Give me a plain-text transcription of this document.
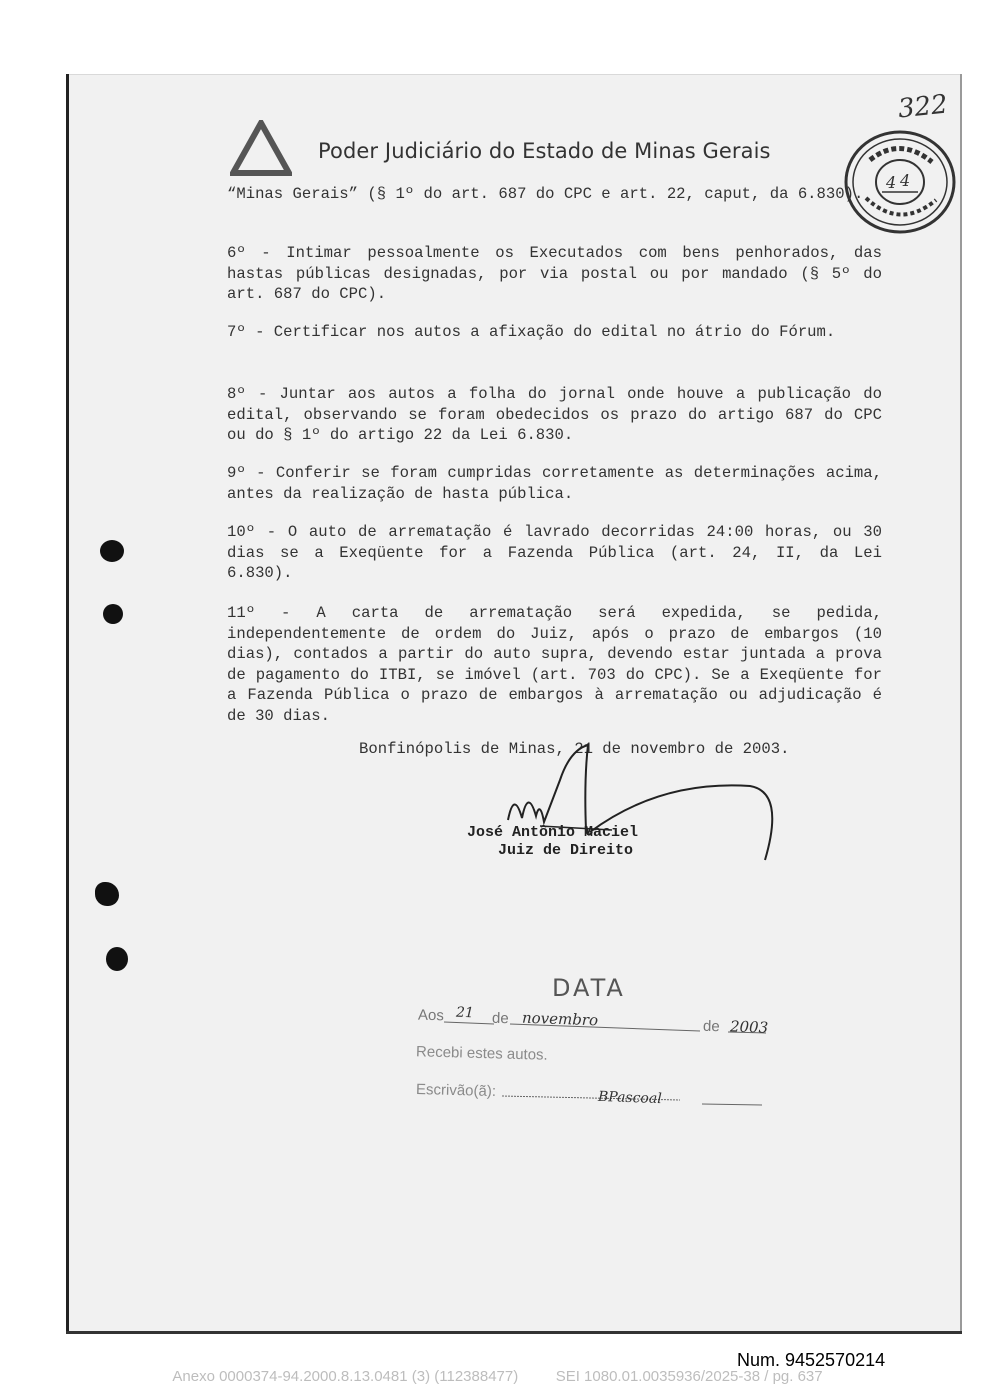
Poder Judiciário do Estado de Minas Gerais
322
4 4

“Minas Gerais” (§ 1º do art. 687 do CPC e art. 22, caput, da 6.830).

6º - Intimar pessoalmente os Executados com bens penhorados, das hastas públicas designadas, por via postal ou por mandado (§ 5º do art. 687 do CPC).

7º - Certificar nos autos a afixação do edital no átrio do Fórum.

8º - Juntar aos autos a folha do jornal onde houve a publicação do edital, observando se foram obedecidos os prazo do artigo 687 do CPC ou do § 1º do artigo 22 da Lei 6.830.

9º - Conferir se foram cumpridas corretamente as determinações acima, antes da realização de hasta pública.

10º - O auto de arrematação é lavrado decorridas 24:00 horas, ou 30 dias se a Exeqüente for a Fazenda Pública (art. 24, II, da Lei 6.830).

11º - A carta de arrematação será expedida, se pedida, independentemente de ordem do Juiz, após o prazo de embargos (10 dias), contados a partir do auto supra, devendo estar juntada a prova de pagamento do ITBI, se imóvel (art. 703 do CPC). Se a Exeqüente for a Fazenda Pública o prazo de embargos à arrematação ou adjudicação é de 30 dias.

Bonfinópolis de Minas, 21 de novembro de 2003.
José Antônio Maciel
Juiz de Direito
DATA
Aos	de	de
21	novembro	2003
Recebi estes autos.
Escrivão(ã):	BPascoal
Num. 9452570214
Anexo 0000374-94.2000.8.13.0481 (3) (112388477)         SEI 1080.01.0035936/2025-38 / pg. 637
